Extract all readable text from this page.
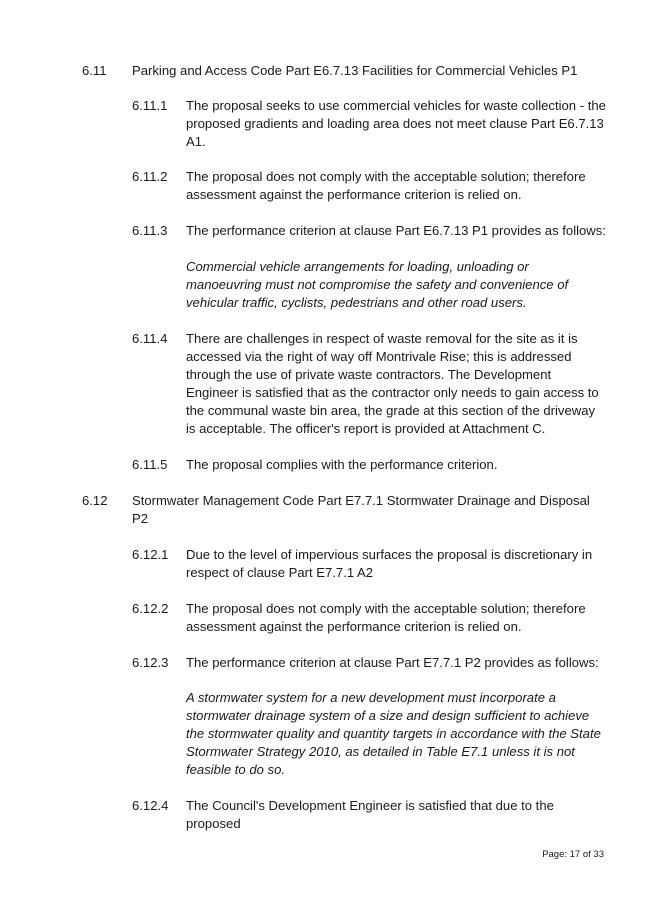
6.11 Parking and Access Code Part E6.7.13 Facilities for Commercial Vehicles P1
6.11.1 The proposal seeks to use commercial vehicles for waste collection - the proposed gradients and loading area does not meet clause Part E6.7.13 A1.
6.11.2 The proposal does not comply with the acceptable solution; therefore assessment against the performance criterion is relied on.
6.11.3 The performance criterion at clause Part E6.7.13 P1 provides as follows:
Commercial vehicle arrangements for loading, unloading or manoeuvring must not compromise the safety and convenience of vehicular traffic, cyclists, pedestrians and other road users.
6.11.4 There are challenges in respect of waste removal for the site as it is accessed via the right of way off Montrivale Rise; this is addressed through the use of private waste contractors. The Development Engineer is satisfied that as the contractor only needs to gain access to the communal waste bin area, the grade at this section of the driveway is acceptable. The officer's report is provided at Attachment C.
6.11.5 The proposal complies with the performance criterion.
6.12 Stormwater Management Code Part E7.7.1 Stormwater Drainage and Disposal P2
6.12.1 Due to the level of impervious surfaces the proposal is discretionary in respect of clause Part E7.7.1 A2
6.12.2 The proposal does not comply with the acceptable solution; therefore assessment against the performance criterion is relied on.
6.12.3 The performance criterion at clause Part E7.7.1 P2 provides as follows:
A stormwater system for a new development must incorporate a stormwater drainage system of a size and design sufficient to achieve the stormwater quality and quantity targets in accordance with the State Stormwater Strategy 2010, as detailed in Table E7.1 unless it is not feasible to do so.
6.12.4 The Council's Development Engineer is satisfied that due to the proposed
Page: 17 of 33
